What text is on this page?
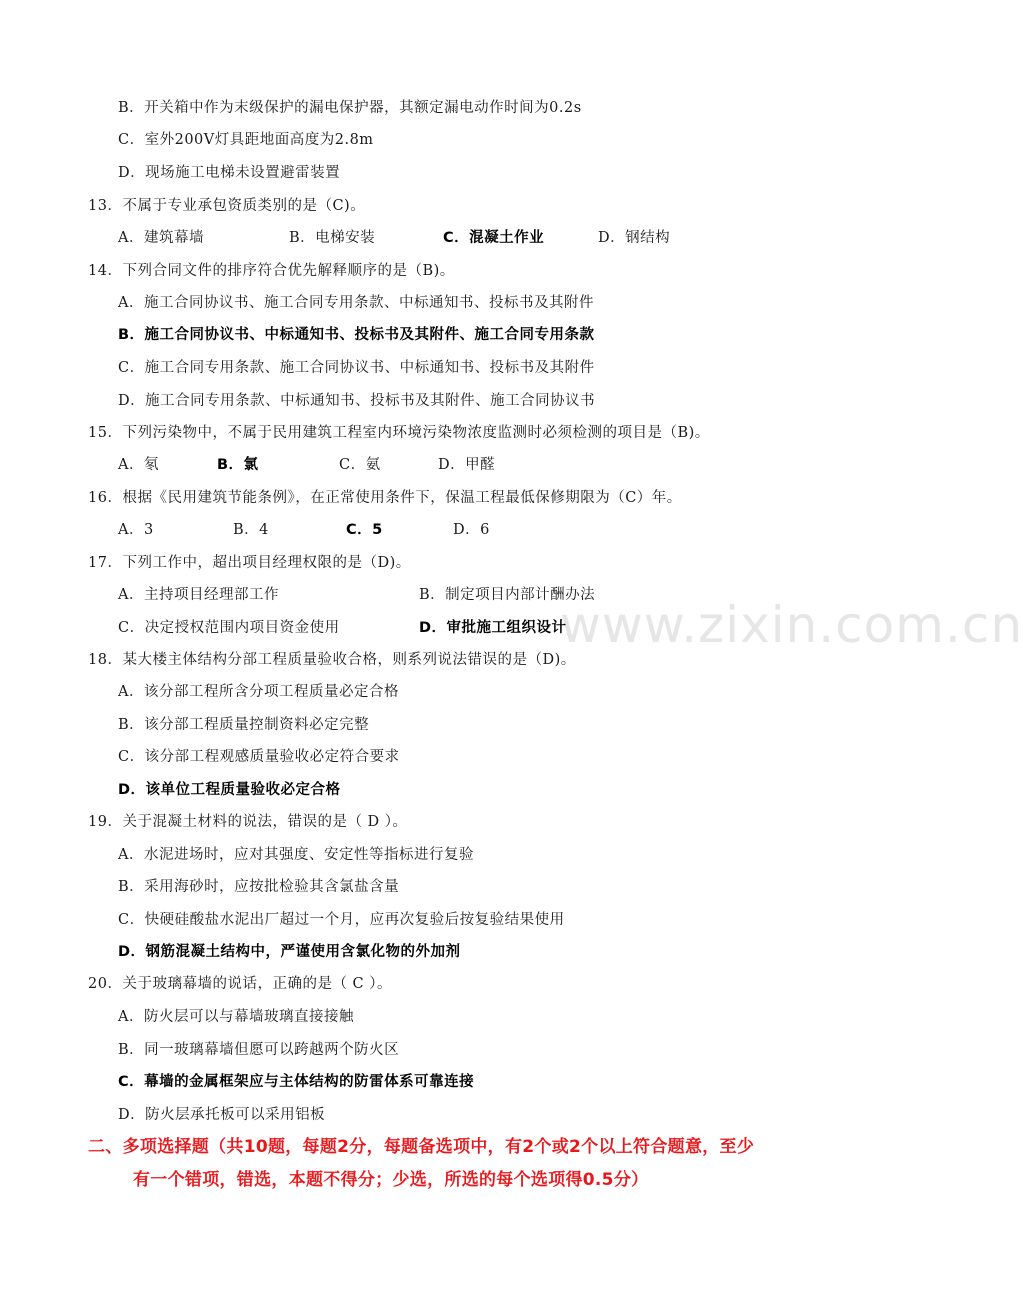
www.zixin.com.cn
B．开关箱中作为末级保护的漏电保护器，其额定漏电动作时间为0.2s
C．室外200V灯具距地面高度为2.8m
D．现场施工电梯未设置避雷装置
13．不属于专业承包资质类别的是（C)。
A．建筑幕墙	B．电梯安装	C．混凝土作业	D．钢结构
14．下列合同文件的排序符合优先解释顺序的是（B)。
A．施工合同协议书、施工合同专用条款、中标通知书、投标书及其附件
B．施工合同协议书、中标通知书、投标书及其附件、施工合同专用条款
C．施工合同专用条款、施工合同协议书、中标通知书、投标书及其附件
D．施工合同专用条款、中标通知书、投标书及其附件、施工合同协议书
15．下列污染物中，不属于民用建筑工程室内环境污染物浓度监测时必须检测的项目是（B)。
A．氡	B．氯	C．氨	D．甲醛
16．根据《民用建筑节能条例》，在正常使用条件下，保温工程最低保修期限为（C）年。
A．3	B．4	C．5	D．6
17．下列工作中，超出项目经理权限的是（D)。
A．主持项目经理部工作	B．制定项目内部计酬办法
C．决定授权范围内项目资金使用	D．审批施工组织设计
18．某大楼主体结构分部工程质量验收合格，则系列说法错误的是（D)。
A．该分部工程所含分项工程质量必定合格
B．该分部工程质量控制资料必定完整
C．该分部工程观感质量验收必定符合要求
D．该单位工程质量验收必定合格
19．关于混凝土材料的说法，错误的是（ D ）。
A．水泥进场时，应对其强度、安定性等指标进行复验
B．采用海砂时，应按批检验其含氯盐含量
C．快硬硅酸盐水泥出厂超过一个月，应再次复验后按复验结果使用
D．钢筋混凝土结构中，严谨使用含氯化物的外加剂
20．关于玻璃幕墙的说话，正确的是（ C ）。
A．防火层可以与幕墙玻璃直接接触
B．同一玻璃幕墙但愿可以跨越两个防火区
C．幕墙的金属框架应与主体结构的防雷体系可靠连接
D．防火层承托板可以采用铝板
二、多项选择题（共10题，每题2分，每题备选项中，有2个或2个以上符合题意，至少
有一个错项，错选，本题不得分；少选，所选的每个选项得0.5分）
